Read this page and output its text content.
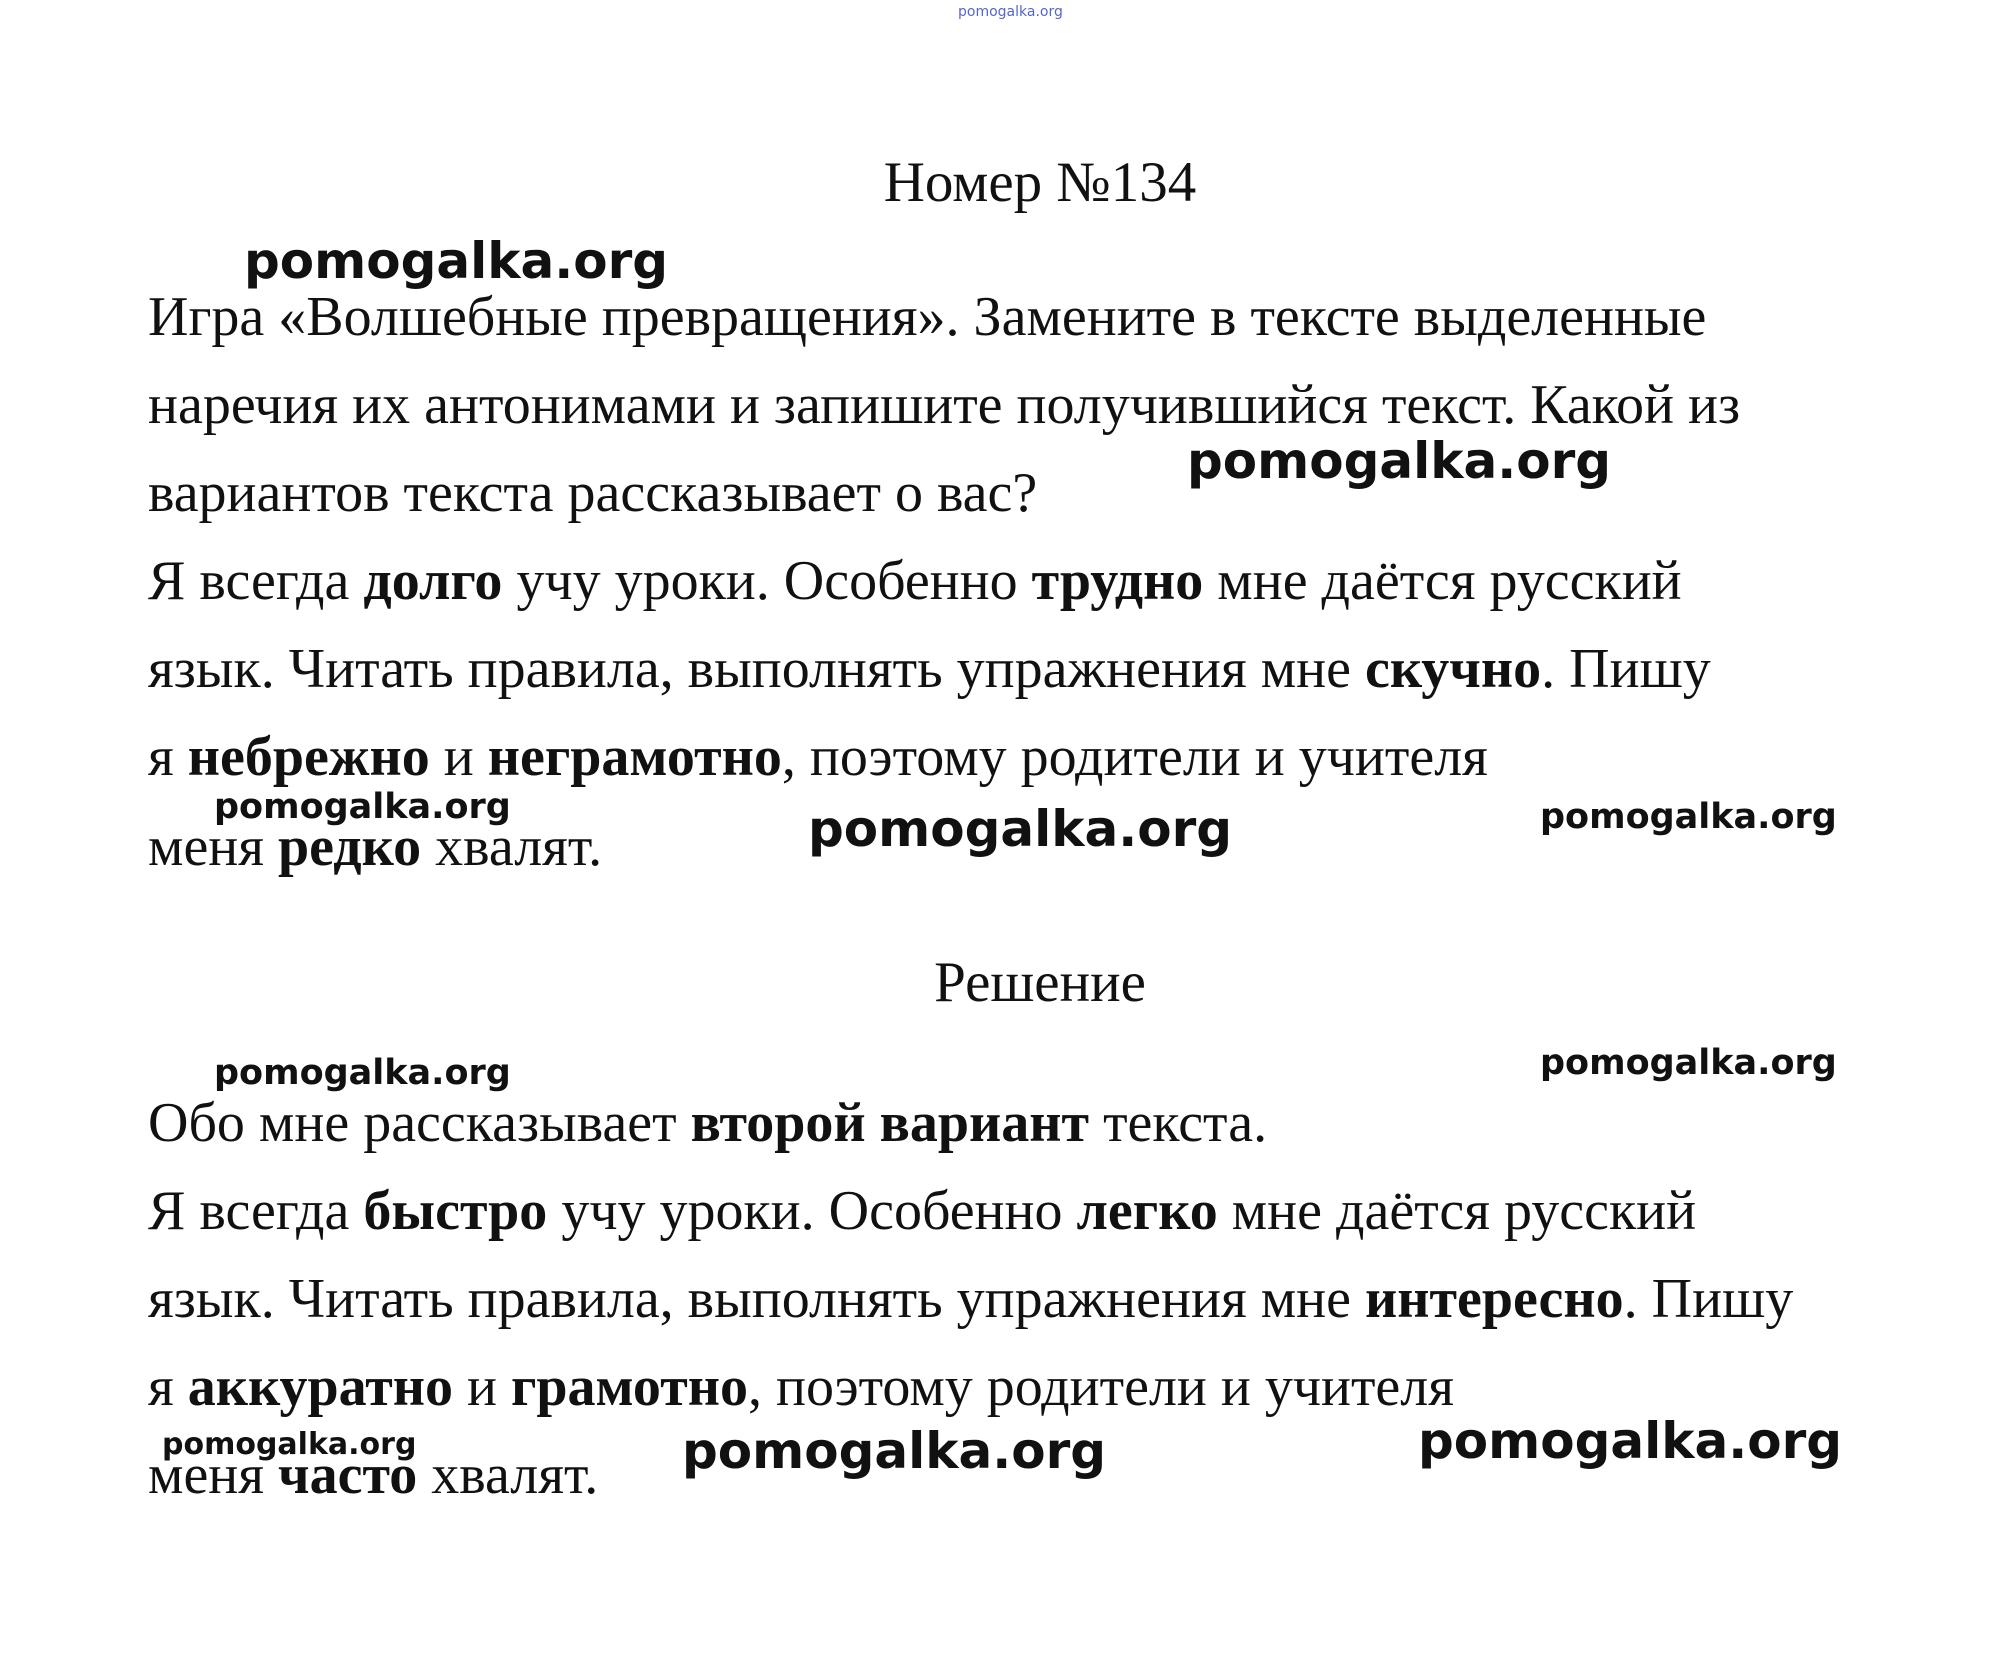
pomogalka.org
Номер №134
pomogalka.org
Игра «Волшебные превращения». Замените в тексте выделенные
наречия их антонимами и запишите получившийся текст. Какой из
pomogalka.org
вариантов текста рассказывает о вас?
Я всегда долго учу уроки. Особенно трудно мне даётся русский
язык. Читать правила, выполнять упражнения мне скучно. Пишу
я небрежно и неграмотно, поэтому родители и учителя
pomogalka.org	pomogalka.org	pomogalka.org
меня редко хвалят.
Решение
pomogalka.org	pomogalka.org
Обо мне рассказывает второй вариант текста.
Я всегда быстро учу уроки. Особенно легко мне даётся русский
язык. Читать правила, выполнять упражнения мне интересно. Пишу
я аккуратно и грамотно, поэтому родители и учителя
pomogalka.org	pomogalka.org
pomogalka.org
меня часто хвалят.
